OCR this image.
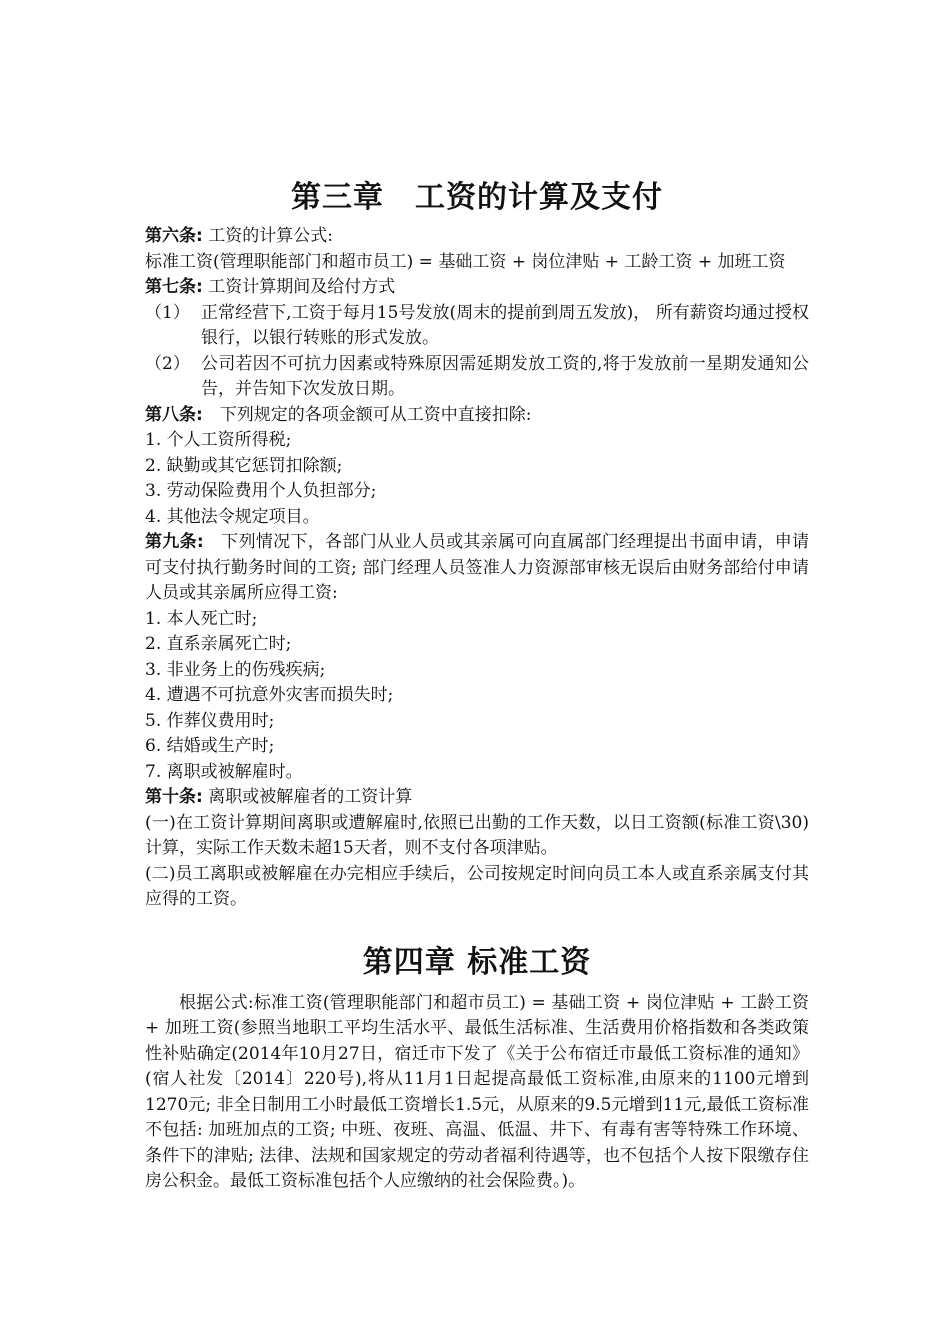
第三章　工资的计算及支付

第六条: 工资的计算公式:

标准工资(管理职能部门和超市员工) = 基础工资 + 岗位津贴 + 工龄工资 + 加班工资

第七条: 工资计算期间及给付方式

（1） 正常经营下,工资于每月15号发放(周末的提前到周五发放)， 所有薪资均通过授权银行，以银行转账的形式发放。
（2） 公司若因不可抗力因素或特殊原因需延期发放工资的,将于发放前一星期发通知公告，并告知下次发放日期。

第八条:　下列规定的各项金额可从工资中直接扣除:

1. 个人工资所得税;

2. 缺勤或其它惩罚扣除额;

3. 劳动保险费用个人负担部分;

4. 其他法令规定项目。

第九条:　下列情况下，各部门从业人员或其亲属可向直属部门经理提出书面申请，申请可支付执行勤务时间的工资; 部门经理人员签准人力资源部审核无误后由财务部给付申请人员或其亲属所应得工资:

1. 本人死亡时;

2. 直系亲属死亡时;

3. 非业务上的伤残疾病;

4. 遭遇不可抗意外灾害而损失时;

5. 作葬仪费用时;

6. 结婚或生产时;

7. 离职或被解雇时。

第十条: 离职或被解雇者的工资计算

(一)在工资计算期间离职或遭解雇时,依照已出勤的工作天数，以日工资额(标准工资\30)计算，实际工作天数未超15天者，则不支付各项津贴。

(二)员工离职或被解雇在办完相应手续后，公司按规定时间向员工本人或直系亲属支付其应得的工资。

第四章 标准工资

根据公式:标准工资(管理职能部门和超市员工) = 基础工资 + 岗位津贴 + 工龄工资 + 加班工资(参照当地职工平均生活水平、最低生活标准、生活费用价格指数和各类政策性补贴确定(2014年10月27日，宿迁市下发了《关于公布宿迁市最低工资标准的通知》(宿人社发〔2014〕220号),将从11月1日起提高最低工资标准,由原来的1100元增到1270元; 非全日制用工小时最低工资增长1.5元，从原来的9.5元增到11元,最低工资标准不包括: 加班加点的工资; 中班、夜班、高温、低温、井下、有毒有害等特殊工作环境、条件下的津贴; 法律、法规和国家规定的劳动者福利待遇等，也不包括个人按下限缴存住房公积金。最低工资标准包括个人应缴纳的社会保险费。)。
